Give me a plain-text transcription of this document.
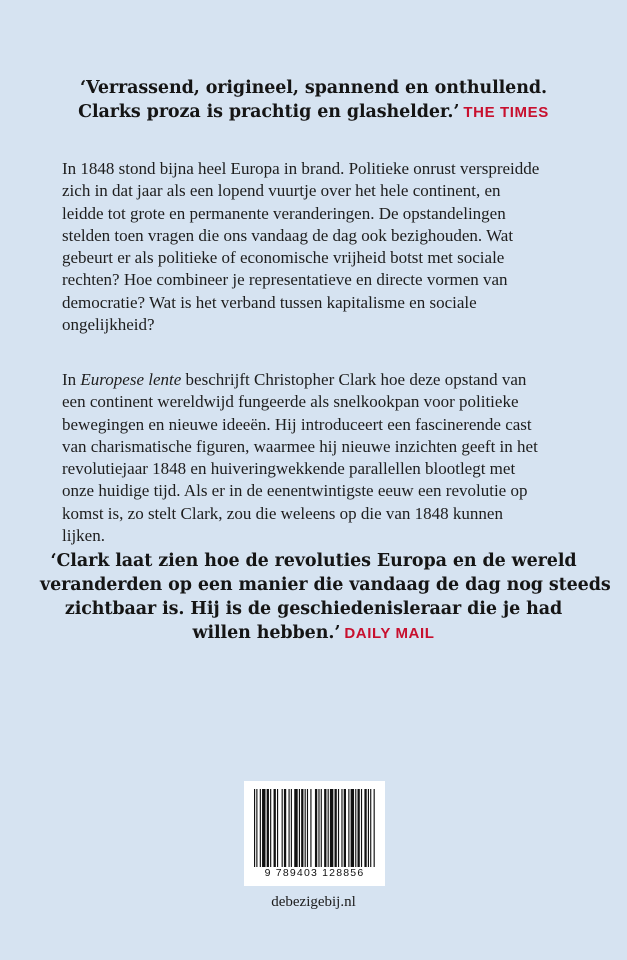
‘Verrassend, origineel, spannend en onthullend.
Clarks proza is prachtig en glashelder.’ THE TIMES
In 1848 stond bijna heel Europa in brand. Politieke onrust verspreidde
zich in dat jaar als een lopend vuurtje over het hele continent, en
leidde tot grote en permanente veranderingen. De opstandelingen
stelden toen vragen die ons vandaag de dag ook bezighouden. Wat
gebeurt er als politieke of economische vrijheid botst met sociale
rechten? Hoe combineer je representatieve en directe vormen van
democratie? Wat is het verband tussen kapitalisme en sociale
ongelijkheid?
In Europese lente beschrijft Christopher Clark hoe deze opstand van
een continent wereldwijd fungeerde als snelkookpan voor politieke
bewegingen en nieuwe ideeën. Hij introduceert een fascinerende cast
van charismatische figuren, waarmee hij nieuwe inzichten geeft in het
revolutiejaar 1848 en huiveringwekkende parallellen blootlegt met
onze huidige tijd. Als er in de eenentwintigste eeuw een revolutie op
komst is, zo stelt Clark, zou die weleens op die van 1848 kunnen
lijken.
‘Clark laat zien hoe de revoluties Europa en de wereld
veranderden op een manier die vandaag de dag nog steeds
zichtbaar is. Hij is de geschiedenisleraar die je had
willen hebben.’ DAILY MAIL
9 789403 128856
debezigebij.nl
